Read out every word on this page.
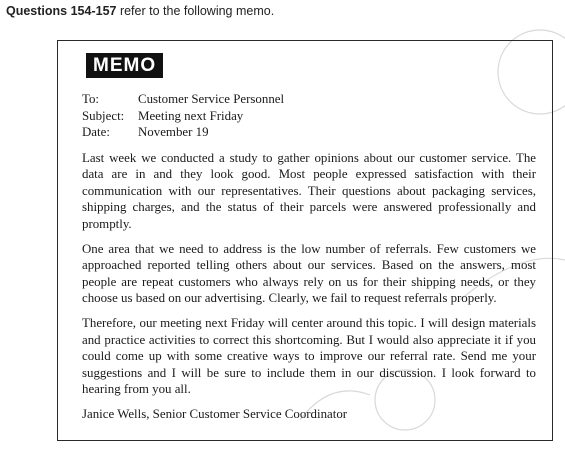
Questions 154-157 refer to the following memo.
MEMO
To:	Customer Service Personnel
Subject:	Meeting next Friday
Date:	November 19

Last week we conducted a study to gather opinions about our customer service. The data are in and they look good. Most people expressed satisfaction with their communication with our representatives. Their questions about packaging services, shipping charges, and the status of their parcels were answered professionally and promptly.

One area that we need to address is the low number of referrals. Few customers we approached reported telling others about our services. Based on the answers, most people are repeat customers who always rely on us for their shipping needs, or they choose us based on our advertising. Clearly, we fail to request referrals properly.

Therefore, our meeting next Friday will center around this topic. I will design materials and practice activities to correct this shortcoming. But I would also appreciate it if you could come up with some creative ways to improve our referral rate. Send me your suggestions and I will be sure to include them in our discussion. I look forward to hearing from you all.

Janice Wells, Senior Customer Service Coordinator
